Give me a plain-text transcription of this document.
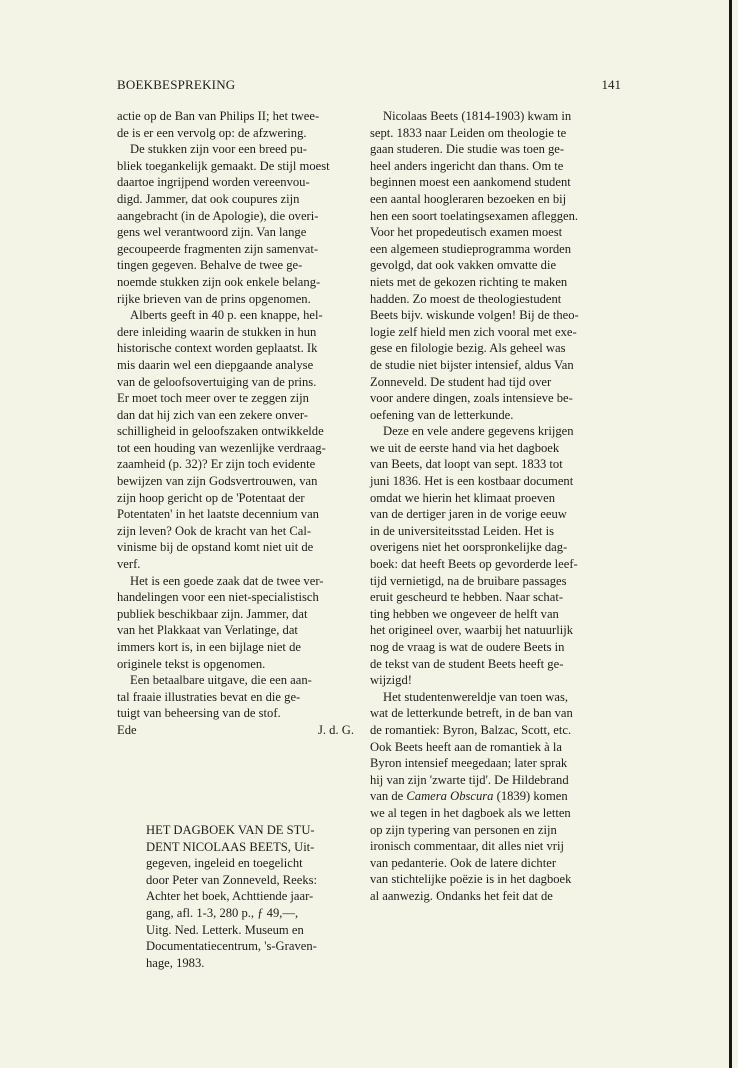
BOEKBESPREKING	141

actie op de Ban van Philips II; het twee-
de is er een vervolg op: de afzwering.

De stukken zijn voor een breed pu-
bliek toegankelijk gemaakt. De stijl moest
daartoe ingrijpend worden vereenvou-
digd. Jammer, dat ook coupures zijn
aangebracht (in de Apologie), die overi-
gens wel verantwoord zijn. Van lange
gecoupeerde fragmenten zijn samenvat-
tingen gegeven. Behalve de twee ge-
noemde stukken zijn ook enkele belang-
rijke brieven van de prins opgenomen.

Alberts geeft in 40 p. een knappe, hel-
dere inleiding waarin de stukken in hun
historische context worden geplaatst. Ik
mis daarin wel een diepgaande analyse
van de geloofsovertuiging van de prins.
Er moet toch meer over te zeggen zijn
dan dat hij zich van een zekere onver-
schilligheid in geloofszaken ontwikkelde
tot een houding van wezenlijke verdraag-
zaamheid (p. 32)? Er zijn toch evidente
bewijzen van zijn Godsvertrouwen, van
zijn hoop gericht op de 'Potentaat der
Potentaten' in het laatste decennium van
zijn leven? Ook de kracht van het Cal-
vinisme bij de opstand komt niet uit de
verf.

Het is een goede zaak dat de twee ver-
handelingen voor een niet-specialistisch
publiek beschikbaar zijn. Jammer, dat
van het Plakkaat van Verlatinge, dat
immers kort is, in een bijlage niet de
originele tekst is opgenomen.

Een betaalbare uitgave, die een aan-
tal fraaie illustraties bevat en die ge-
tuigt van beheersing van de stof.

Ede	J. d. G.
HET DAGBOEK VAN DE STU-
DENT NICOLAAS BEETS, Uit-
gegeven, ingeleid en toegelicht
door Peter van Zonneveld, Reeks:
Achter het boek, Achttiende jaar-
gang, afl. 1-3, 280 p., ƒ 49,—,
Uitg. Ned. Letterk. Museum en
Documentatiecentrum, 's-Graven-
hage, 1983.

Nicolaas Beets (1814-1903) kwam in
sept. 1833 naar Leiden om theologie te
gaan studeren. Die studie was toen ge-
heel anders ingericht dan thans. Om te
beginnen moest een aankomend student
een aantal hoogleraren bezoeken en bij
hen een soort toelatingsexamen afleggen.
Voor het propedeutisch examen moest
een algemeen studieprogramma worden
gevolgd, dat ook vakken omvatte die
niets met de gekozen richting te maken
hadden. Zo moest de theologiestudent
Beets bijv. wiskunde volgen! Bij de theo-
logie zelf hield men zich vooral met exe-
gese en filologie bezig. Als geheel was
de studie niet bijster intensief, aldus Van
Zonneveld. De student had tijd over
voor andere dingen, zoals intensieve be-
oefening van de letterkunde.

Deze en vele andere gegevens krijgen
we uit de eerste hand via het dagboek
van Beets, dat loopt van sept. 1833 tot
juni 1836. Het is een kostbaar document
omdat we hierin het klimaat proeven
van de dertiger jaren in de vorige eeuw
in de universiteitsstad Leiden. Het is
overigens niet het oorspronkelijke dag-
boek: dat heeft Beets op gevorderde leef-
tijd vernietigd, na de bruibare passages
eruit gescheurd te hebben. Naar schat-
ting hebben we ongeveer de helft van
het origineel over, waarbij het natuurlijk
nog de vraag is wat de oudere Beets in
de tekst van de student Beets heeft ge-
wijzigd!

Het studentenwereldje van toen was,
wat de letterkunde betreft, in de ban van
de romantiek: Byron, Balzac, Scott, etc.
Ook Beets heeft aan de romantiek à la
Byron intensief meegedaan; later sprak
hij van zijn 'zwarte tijd'. De Hildebrand
van de Camera Obscura (1839) komen
we al tegen in het dagboek als we letten
op zijn typering van personen en zijn
ironisch commentaar, dit alles niet vrij
van pedanterie. Ook de latere dichter
van stichtelijke poëzie is in het dagboek
al aanwezig. Ondanks het feit dat de
